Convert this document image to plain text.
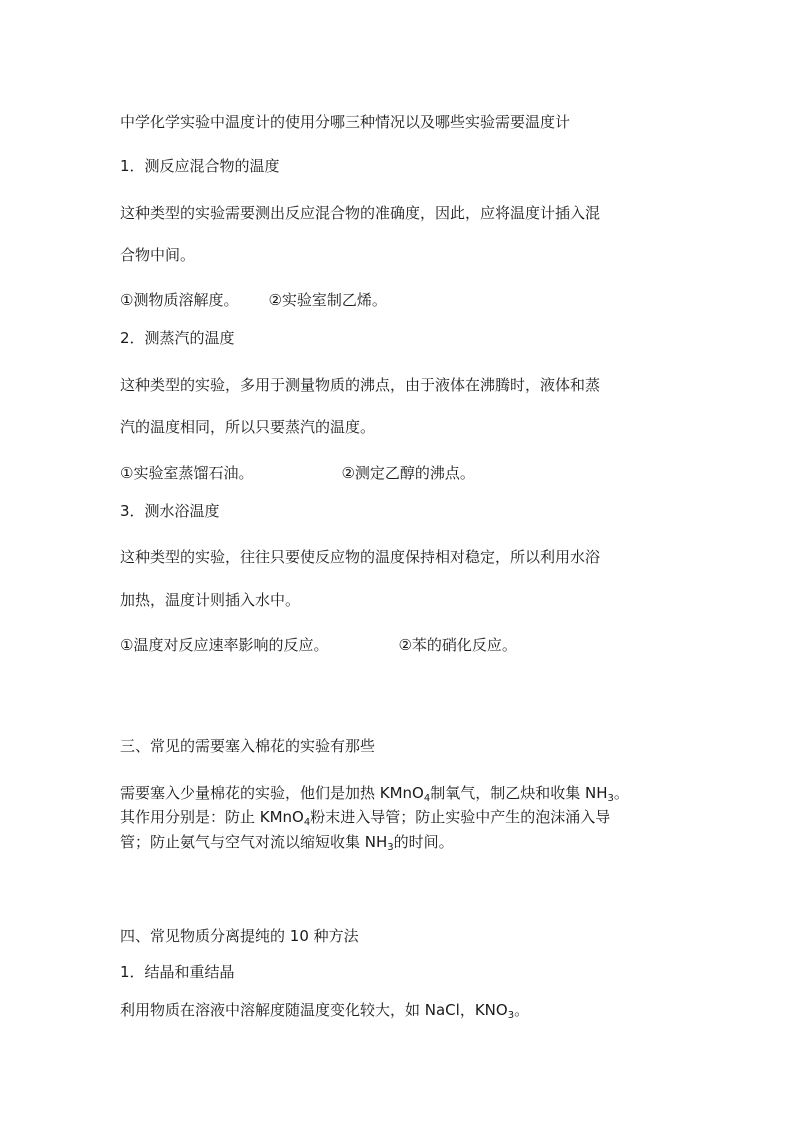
中学化学实验中温度计的使用分哪三种情况以及哪些实验需要温度计
1．测反应混合物的温度
这种类型的实验需要测出反应混合物的准确度，因此，应将温度计插入混
合物中间。
①测物质溶解度。 ②实验室制乙烯。
2．测蒸汽的温度
这种类型的实验，多用于测量物质的沸点，由于液体在沸腾时，液体和蒸
汽的温度相同，所以只要蒸汽的温度。
①实验室蒸馏石油。	②测定乙醇的沸点。
3．测水浴温度
这种类型的实验，往往只要使反应物的温度保持相对稳定，所以利用水浴
加热，温度计则插入水中。
①温度对反应速率影响的反应。	②苯的硝化反应。
三、常见的需要塞入棉花的实验有那些
需要塞入少量棉花的实验，他们是加热 KMnO$_4$制氧气，制乙炔和收集 $NH_3$。
其作用分别是：防止 KMnO$_4$粉末进入导管；防止实验中产生的泡沫涌入导
管；防止氨气与空气对流以缩短收集 $NH_3$的时间。
四、常见物质分离提纯的 10 种方法
1．结晶和重结晶
利用物质在溶液中溶解度随温度变化较大，如 NaCl，$KNO_3$。
